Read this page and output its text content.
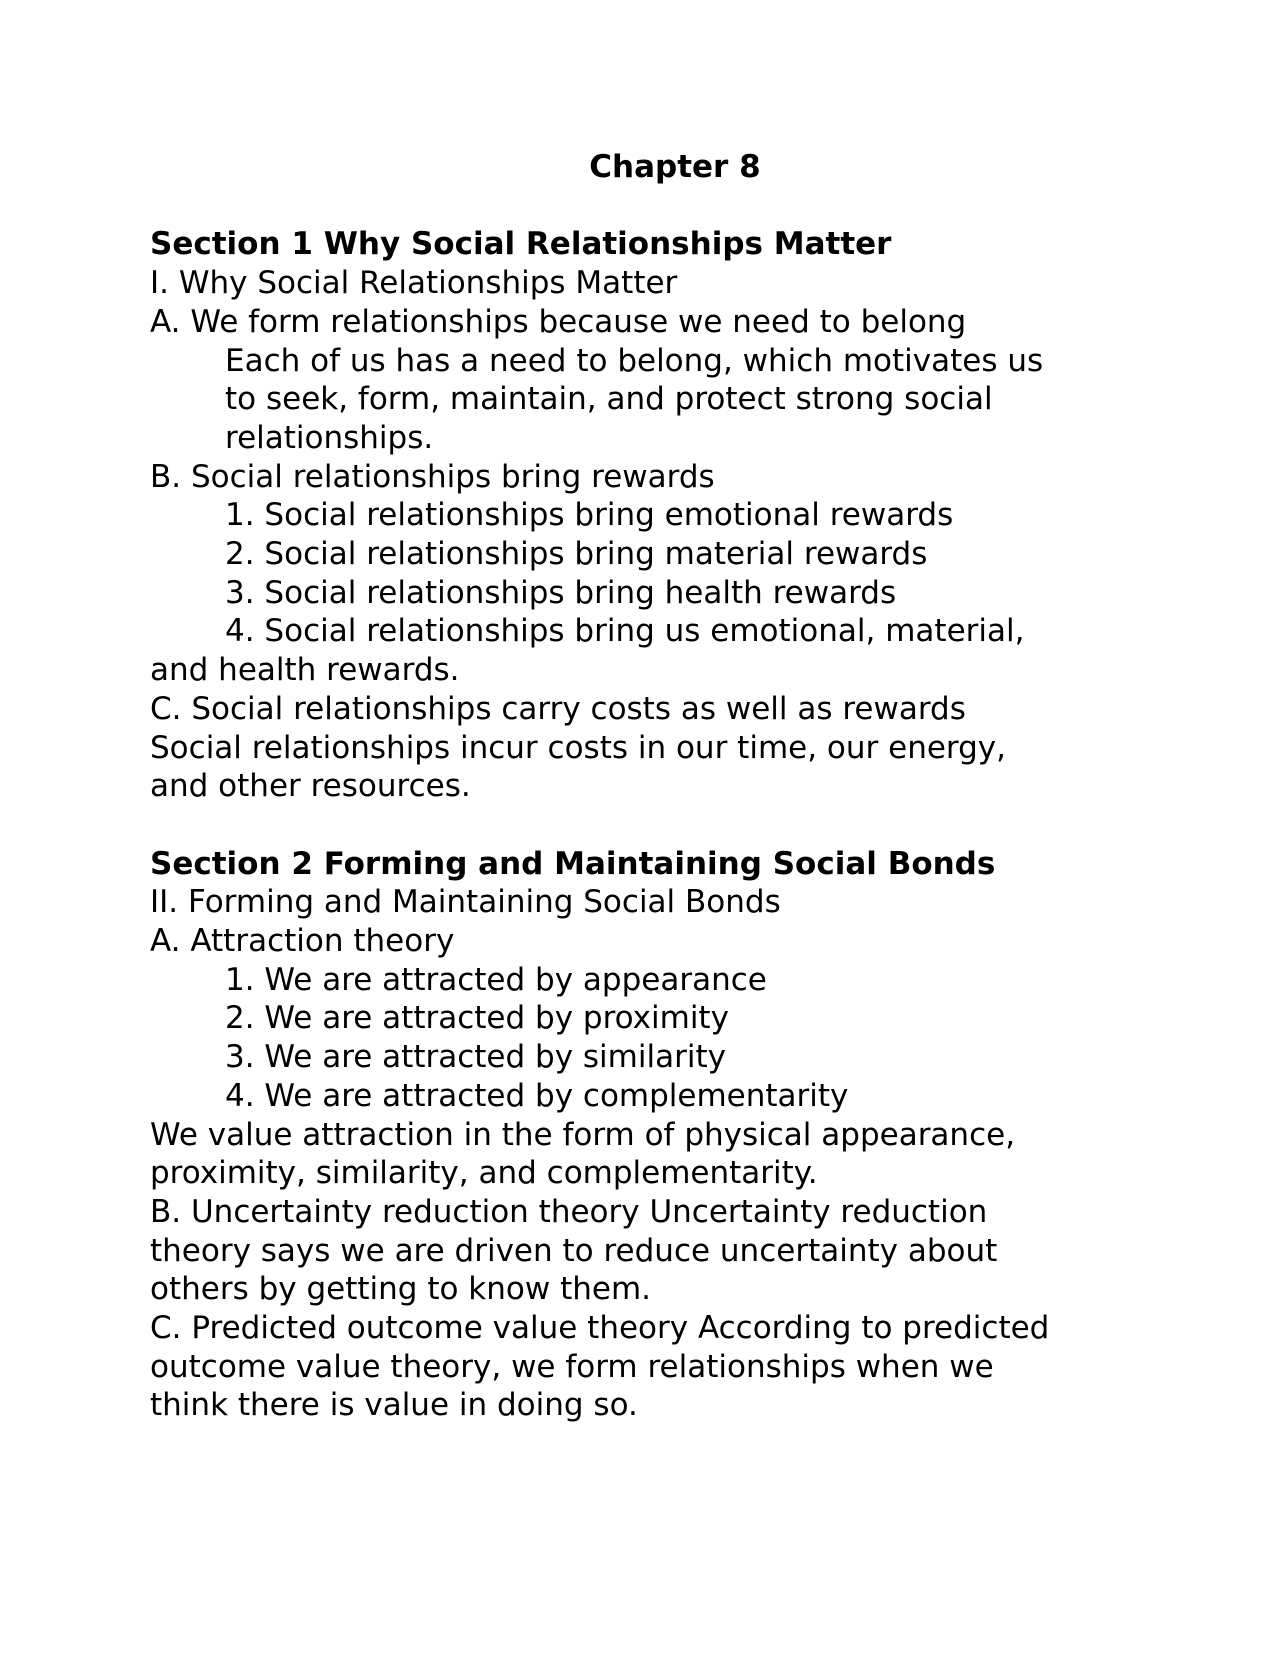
Chapter 8

Section 1 Why Social Relationships Matter

I. Why Social Relationships Matter

A. We form relationships because we need to belong

Each of us has a need to belong, which motivates us

to seek, form, maintain, and protect strong social

relationships.

B. Social relationships bring rewards

1. Social relationships bring emotional rewards

2. Social relationships bring material rewards

3. Social relationships bring health rewards

4. Social relationships bring us emotional, material,

and health rewards.

C. Social relationships carry costs as well as rewards

Social relationships incur costs in our time, our energy,

and other resources.

Section 2 Forming and Maintaining Social Bonds

II. Forming and Maintaining Social Bonds

A. Attraction theory

1. We are attracted by appearance

2. We are attracted by proximity

3. We are attracted by similarity

4. We are attracted by complementarity

We value attraction in the form of physical appearance,

proximity, similarity, and complementarity.

B. Uncertainty reduction theory Uncertainty reduction

theory says we are driven to reduce uncertainty about

others by getting to know them.

C. Predicted outcome value theory According to predicted

outcome value theory, we form relationships when we

think there is value in doing so.
